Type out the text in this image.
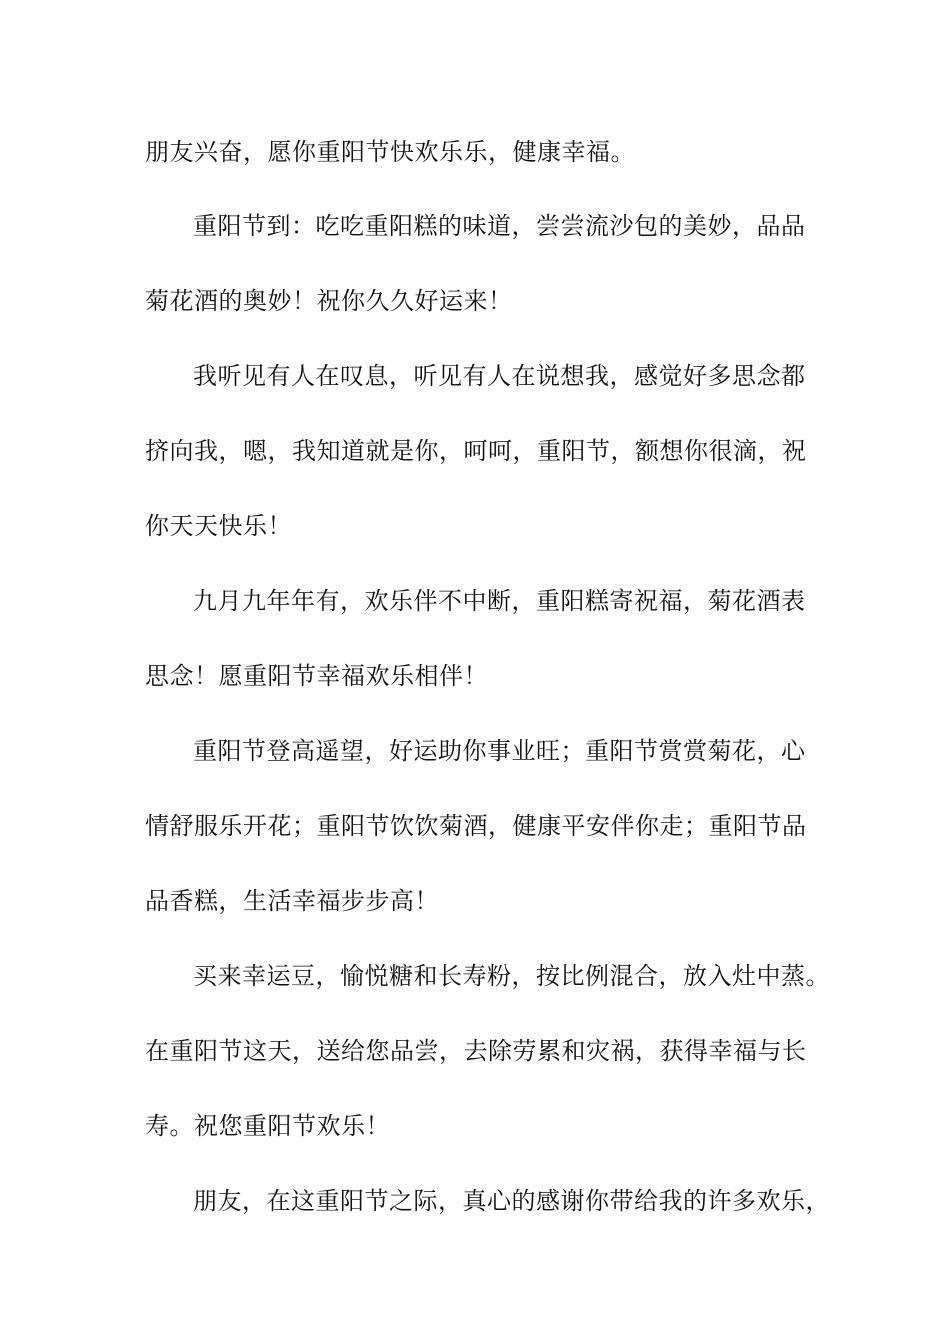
朋友兴奋，愿你重阳节快欢乐乐，健康幸福。
重阳节到：吃吃重阳糕的味道，尝尝流沙包的美妙，品品
菊花酒的奥妙！祝你久久好运来！
我听见有人在叹息，听见有人在说想我，感觉好多思念都
挤向我，嗯，我知道就是你，呵呵，重阳节，额想你很滴，祝
你天天快乐！
九月九年年有，欢乐伴不中断，重阳糕寄祝福，菊花酒表
思念！愿重阳节幸福欢乐相伴！
重阳节登高遥望，好运助你事业旺；重阳节赏赏菊花，心
情舒服乐开花；重阳节饮饮菊酒，健康平安伴你走；重阳节品
品香糕，生活幸福步步高！
买来幸运豆，愉悦糖和长寿粉，按比例混合，放入灶中蒸。
在重阳节这天，送给您品尝，去除劳累和灾祸，获得幸福与长
寿。祝您重阳节欢乐！
朋友，在这重阳节之际，真心的感谢你带给我的许多欢乐，
